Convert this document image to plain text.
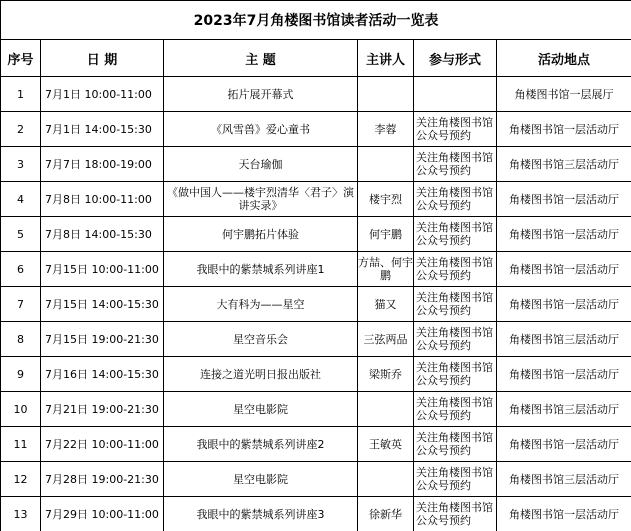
2023年7月角楼图书馆读者活动一览表					
序号	日 期	主 题	主讲人	参与形式	活动地点
1	7月1日 10:00-11:00	拓片展开幕式			角楼图书馆一层展厅
2	7月1日 14:00-15:30	《风雪兽》爱心童书	李蓉	关注角楼图书馆公众号预约	角楼图书馆一层活动厅
3	7月7日 18:00-19:00	天台瑜伽		关注角楼图书馆公众号预约	角楼图书馆三层活动厅
4	7月8日 10:00-11:00	《做中国人——楼宇烈清华〈君子〉演讲实录》	楼宇烈	关注角楼图书馆公众号预约	角楼图书馆一层活动厅
5	7月8日 14:00-15:30	何宇鹏拓片体验	何宇鹏	关注角楼图书馆公众号预约	角楼图书馆一层活动厅
6	7月15日 10:00-11:00	我眼中的紫禁城系列讲座1	方喆、何宇鹏	关注角楼图书馆公众号预约	角楼图书馆一层活动厅
7	7月15日 14:00-15:30	大有科为——星空	猫又	关注角楼图书馆公众号预约	角楼图书馆一层活动厅
8	7月15日 19:00-21:30	星空音乐会	三弦两品	关注角楼图书馆公众号预约	角楼图书馆三层活动厅
9	7月16日 14:00-15:30	连接之道光明日报出版社	梁斯乔	关注角楼图书馆公众号预约	角楼图书馆一层活动厅
10	7月21日 19:00-21:30	星空电影院		关注角楼图书馆公众号预约	角楼图书馆三层活动厅
11	7月22日 10:00-11:00	我眼中的紫禁城系列讲座2	王敏英	关注角楼图书馆公众号预约	角楼图书馆一层活动厅
12	7月28日 19:00-21:30	星空电影院		关注角楼图书馆公众号预约	角楼图书馆三层活动厅
13	7月29日 10:00-11:00	我眼中的紫禁城系列讲座3	徐新华	关注角楼图书馆公众号预约	角楼图书馆一层活动厅
